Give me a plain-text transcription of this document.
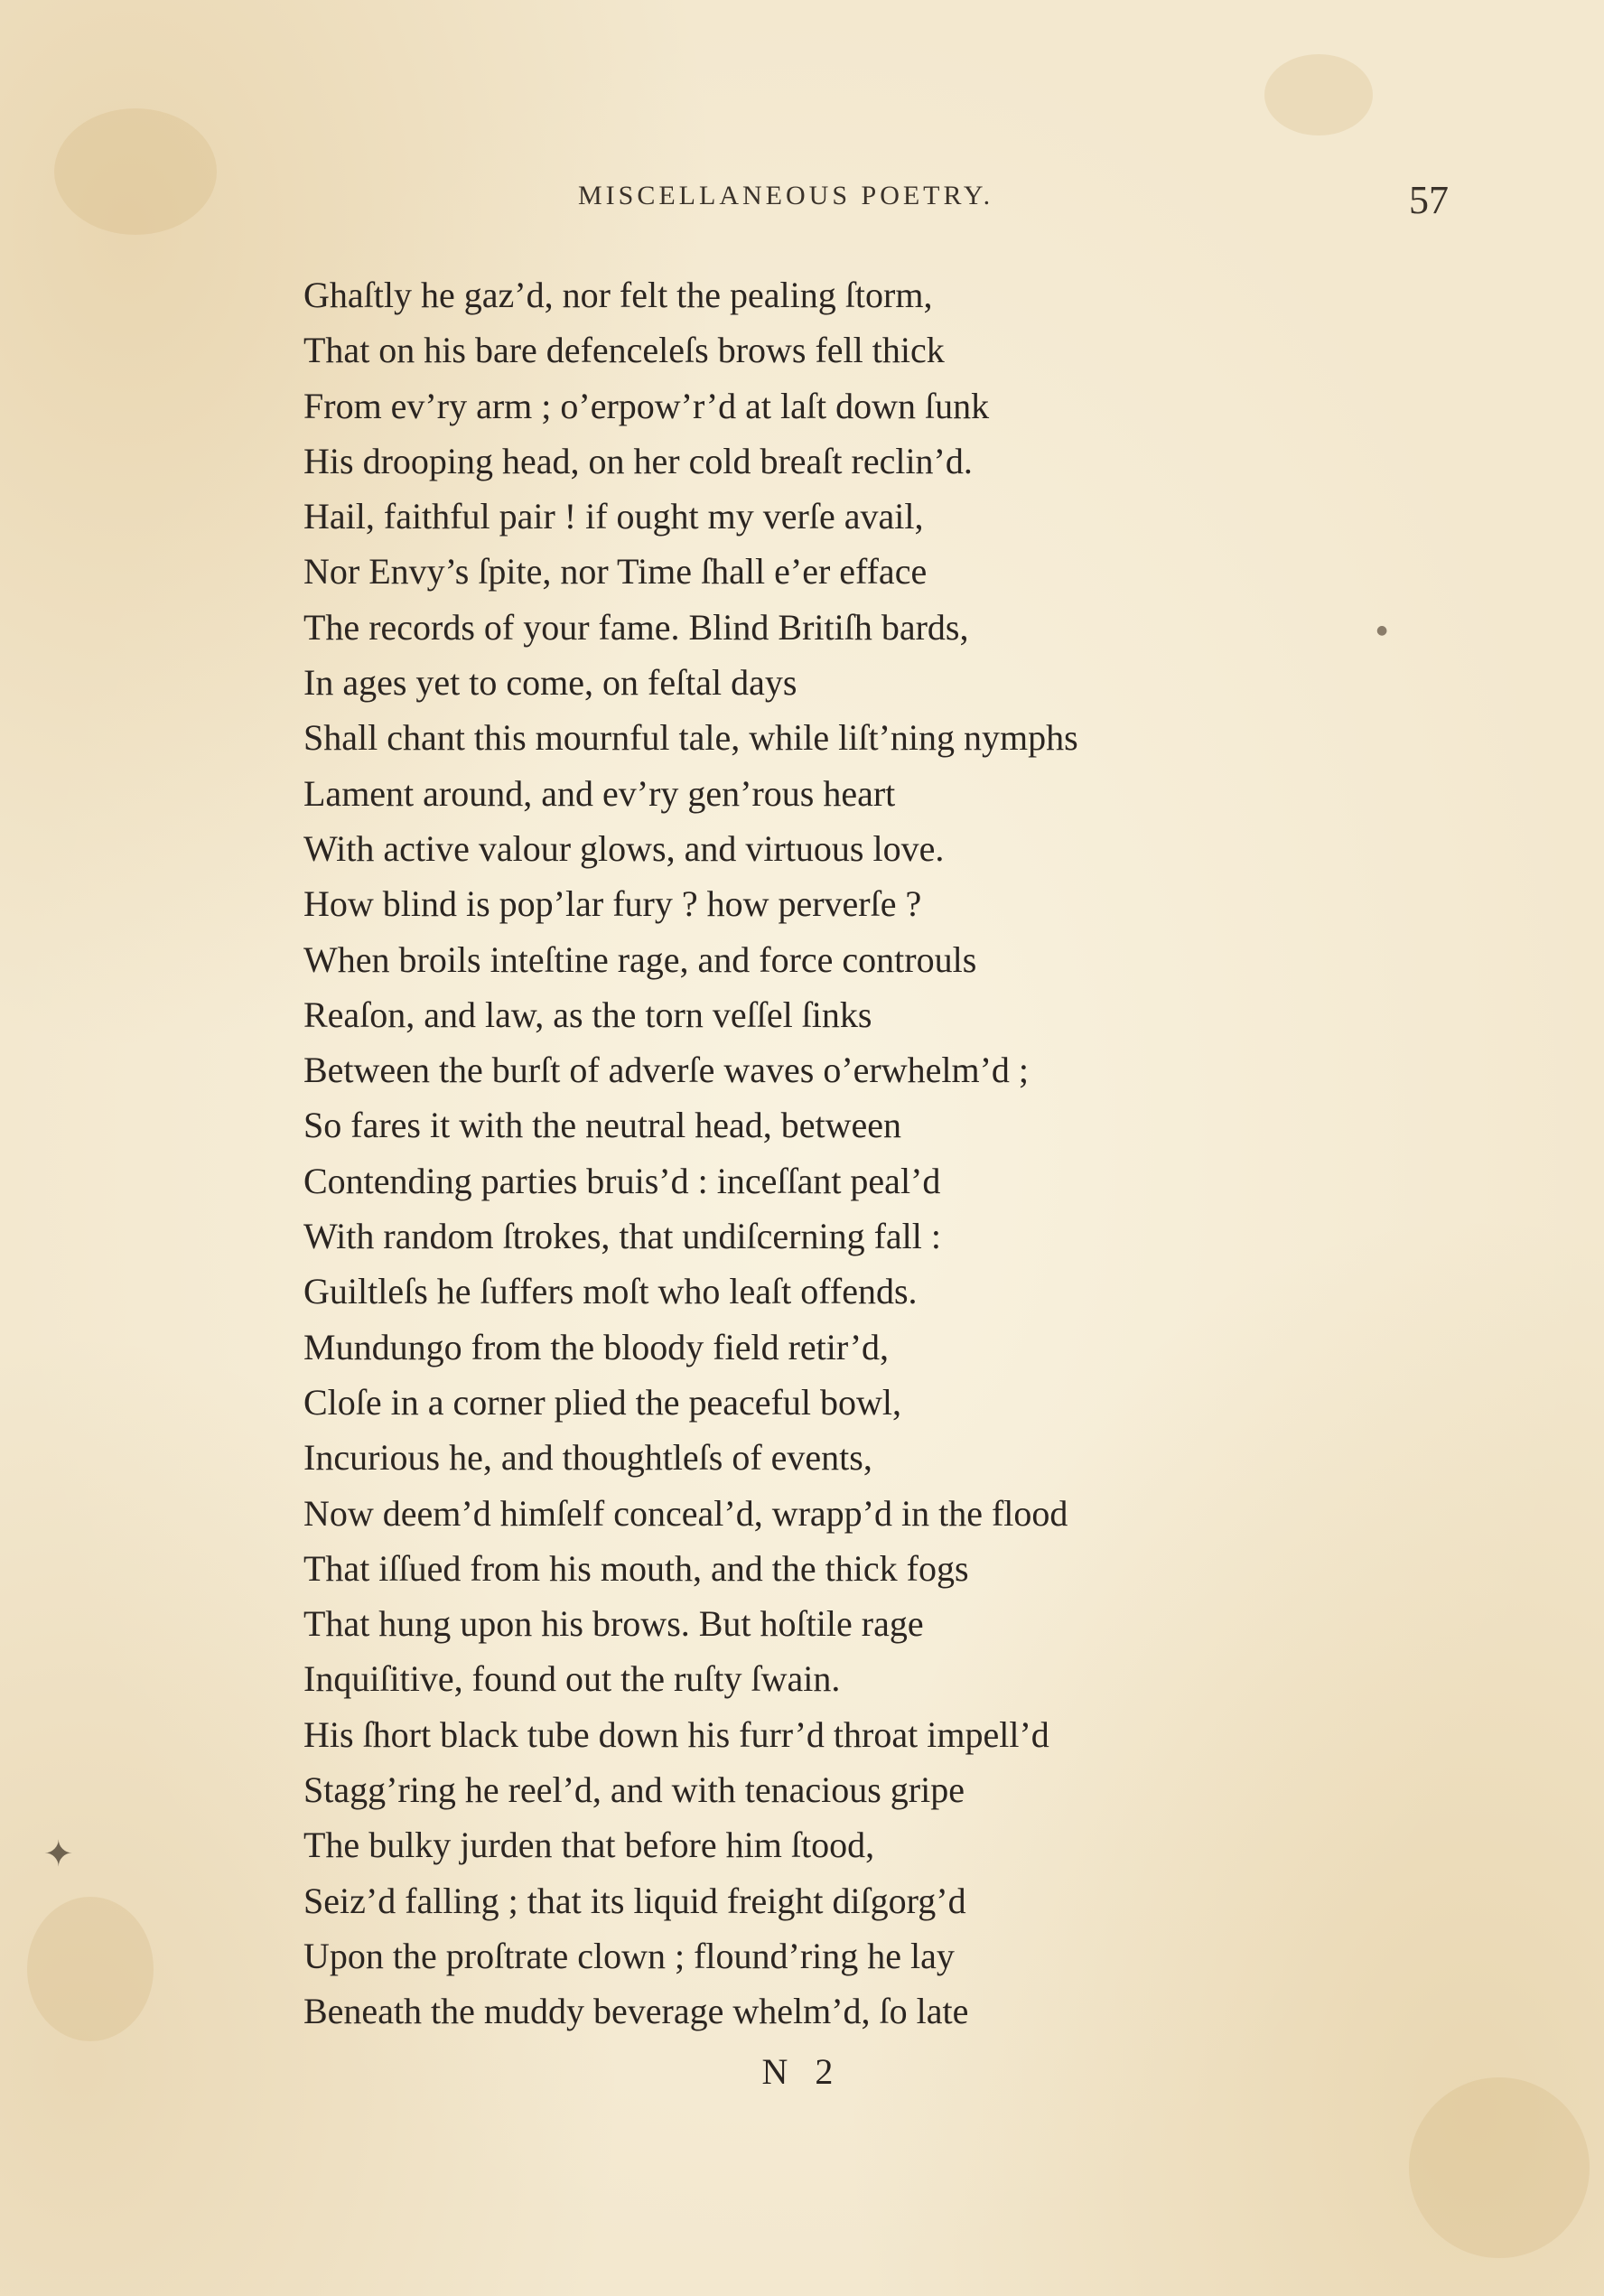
●
✦
MISCELLANEOUS POETRY.	57
Ghaſtly he gaz’d, nor felt the pealing ſtorm,
That on his bare defenceleſs brows fell thick
From ev’ry arm ; o’erpow’r’d at laſt down ſunk
His drooping head, on her cold breaſt reclin’d.
Hail, faithful pair ! if ought my verſe avail,
Nor Envy’s ſpite, nor Time ſhall e’er efface
The records of your fame. Blind Britiſh bards,
In ages yet to come, on feſtal days
Shall chant this mournful tale, while liſt’ning nymphs
Lament around, and ev’ry gen’rous heart
With active valour glows, and virtuous love.
How blind is pop’lar fury ? how perverſe ?
When broils inteſtine rage, and force controuls
Reaſon, and law, as the torn veſſel ſinks
Between the burſt of adverſe waves o’erwhelm’d ;
So fares it with the neutral head, between
Contending parties bruis’d : inceſſant peal’d
With random ſtrokes, that undiſcerning fall :
Guiltleſs he ſuffers moſt who leaſt offends.
Mundungo from the bloody field retir’d,
Cloſe in a corner plied the peaceful bowl,
Incurious he, and thoughtleſs of events,
Now deem’d himſelf conceal’d, wrapp’d in the flood
That iſſued from his mouth, and the thick fogs
That hung upon his brows. But hoſtile rage
Inquiſitive, found out the ruſty ſwain.
His ſhort black tube down his furr’d throat impell’d
Stagg’ring he reel’d, and with tenacious gripe
The bulky jurden that before him ſtood,
Seiz’d falling ; that its liquid freight diſgorg’d
Upon the proſtrate clown ; flound’ring he lay
Beneath the muddy beverage whelm’d, ſo late
N 2
